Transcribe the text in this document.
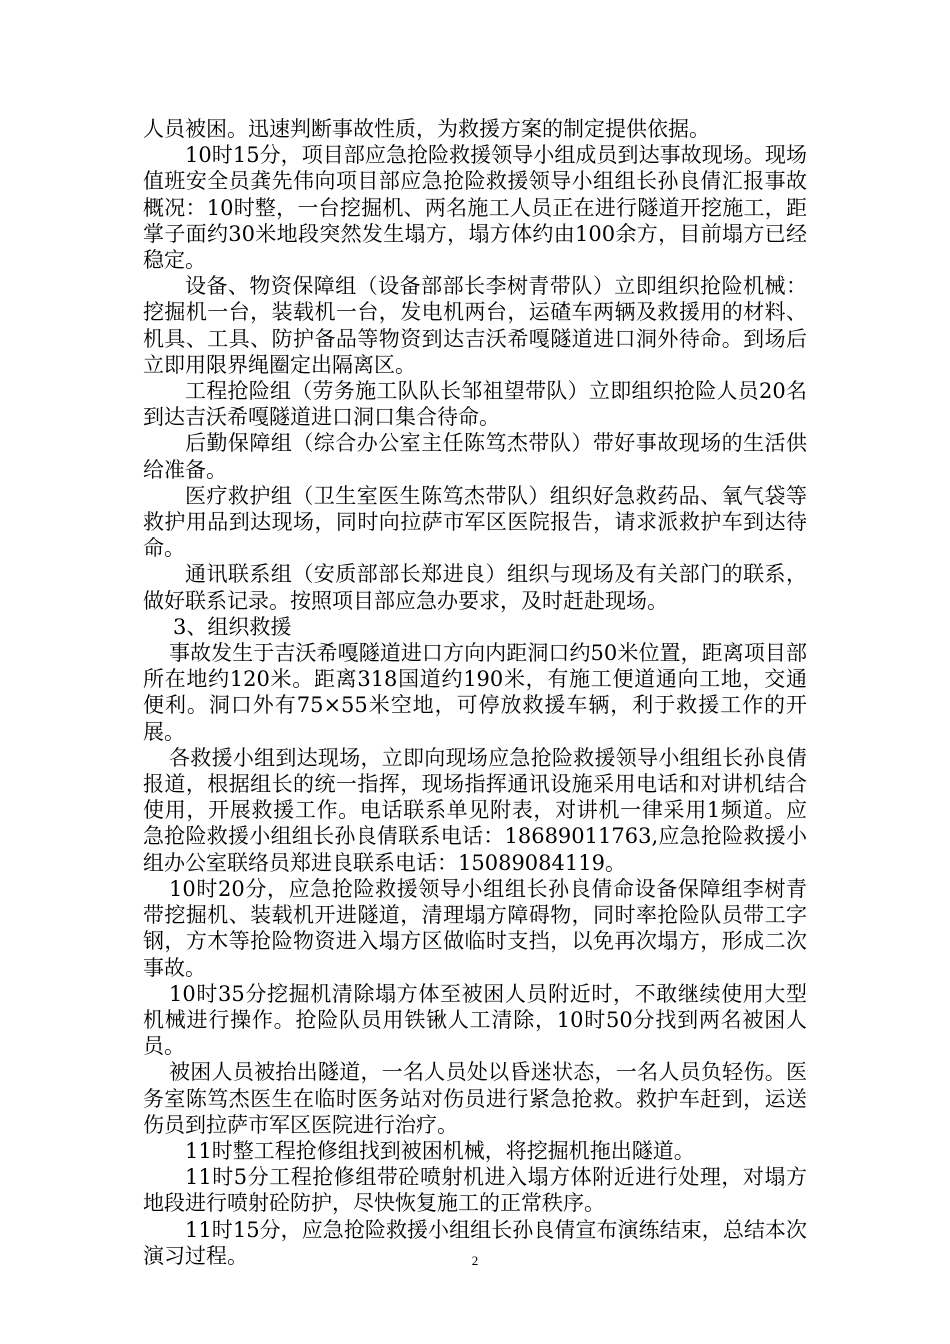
人员被困。迅速判断事故性质，为救援方案的制定提供依据。

10时15分，项目部应急抢险救援领导小组成员到达事故现场。现场值班安全员龚先伟向项目部应急抢险救援领导小组组长孙良倩汇报事故概况：10时整，一台挖掘机、两名施工人员正在进行隧道开挖施工，距掌子面约30米地段突然发生塌方，塌方体约由100余方，目前塌方已经稳定。

设备、物资保障组（设备部部长李树青带队）立即组织抢险机械：挖掘机一台，装载机一台，发电机两台，运碴车两辆及救援用的材料、机具、工具、防护备品等物资到达吉沃希嘎隧道进口洞外待命。到场后立即用限界绳圈定出隔离区。

工程抢险组（劳务施工队队长邹祖望带队）立即组织抢险人员20名到达吉沃希嘎隧道进口洞口集合待命。

后勤保障组（综合办公室主任陈笃杰带队）带好事故现场的生活供给准备。

医疗救护组（卫生室医生陈笃杰带队）组织好急救药品、氧气袋等救护用品到达现场，同时向拉萨市军区医院报告，请求派救护车到达待命。

通讯联系组（安质部部长郑进良）组织与现场及有关部门的联系，做好联系记录。按照项目部应急办要求，及时赶赴现场。

3、组织救援

事故发生于吉沃希嘎隧道进口方向内距洞口约50米位置，距离项目部所在地约120米。距离318国道约190米，有施工便道通向工地，交通便利。洞口外有75×55米空地，可停放救援车辆，利于救援工作的开展。

各救援小组到达现场，立即向现场应急抢险救援领导小组组长孙良倩报道，根据组长的统一指挥，现场指挥通讯设施采用电话和对讲机结合使用，开展救援工作。电话联系单见附表，对讲机一律采用1频道。应急抢险救援小组组长孙良倩联系电话：18689011763,应急抢险救援小组办公室联络员郑进良联系电话：15089084119。

10时20分，应急抢险救援领导小组组长孙良倩命设备保障组李树青带挖掘机、装载机开进隧道，清理塌方障碍物，同时率抢险队员带工字钢，方木等抢险物资进入塌方区做临时支挡，以免再次塌方，形成二次事故。

10时35分挖掘机清除塌方体至被困人员附近时，不敢继续使用大型机械进行操作。抢险队员用铁锹人工清除，10时50分找到两名被困人员。

被困人员被抬出隧道，一名人员处以昏迷状态，一名人员负轻伤。医务室陈笃杰医生在临时医务站对伤员进行紧急抢救。救护车赶到，运送伤员到拉萨市军区医院进行治疗。

11时整工程抢修组找到被困机械，将挖掘机拖出隧道。

11时5分工程抢修组带砼喷射机进入塌方体附近进行处理，对塌方地段进行喷射砼防护，尽快恢复施工的正常秩序。

11时15分，应急抢险救援小组组长孙良倩宣布演练结束，总结本次演习过程。	2
